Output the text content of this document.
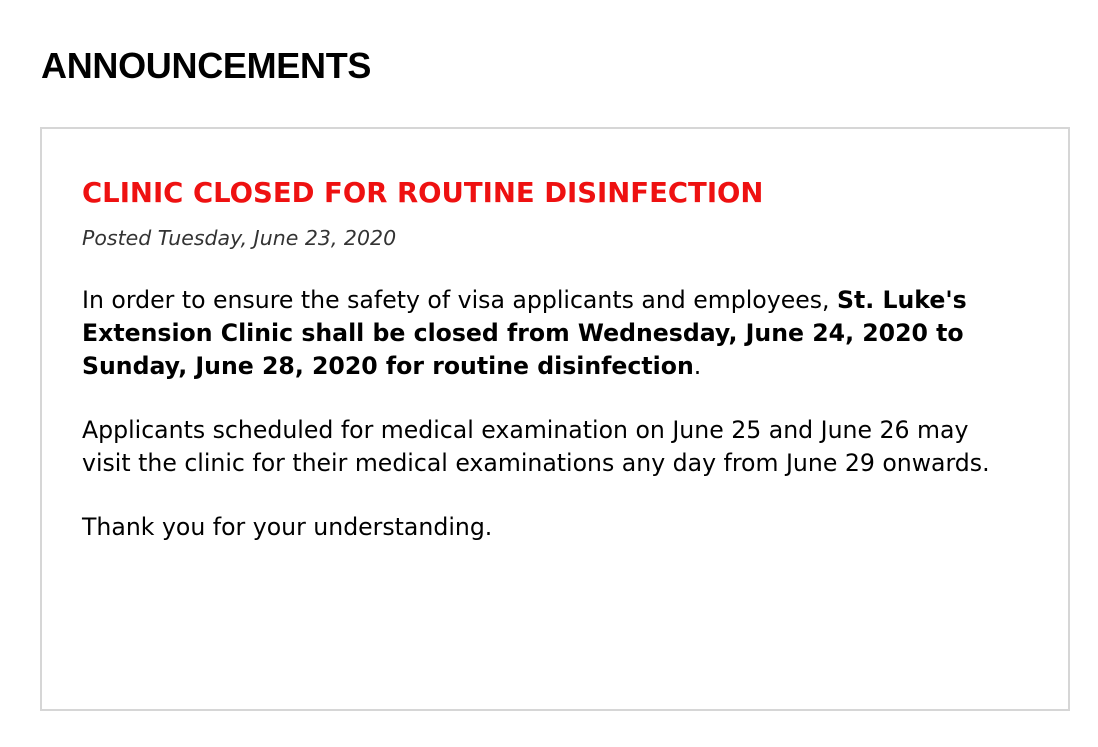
ANNOUNCEMENTS
CLINIC CLOSED FOR ROUTINE DISINFECTION

Posted Tuesday, June 23, 2020

In order to ensure the safety of visa applicants and employees, St. Luke's Extension Clinic shall be closed from Wednesday, June 24, 2020 to Sunday, June 28, 2020 for routine disinfection.

Applicants scheduled for medical examination on June 25 and June 26 may visit the clinic for their medical examinations any day from June 29 onwards.

Thank you for your understanding.
